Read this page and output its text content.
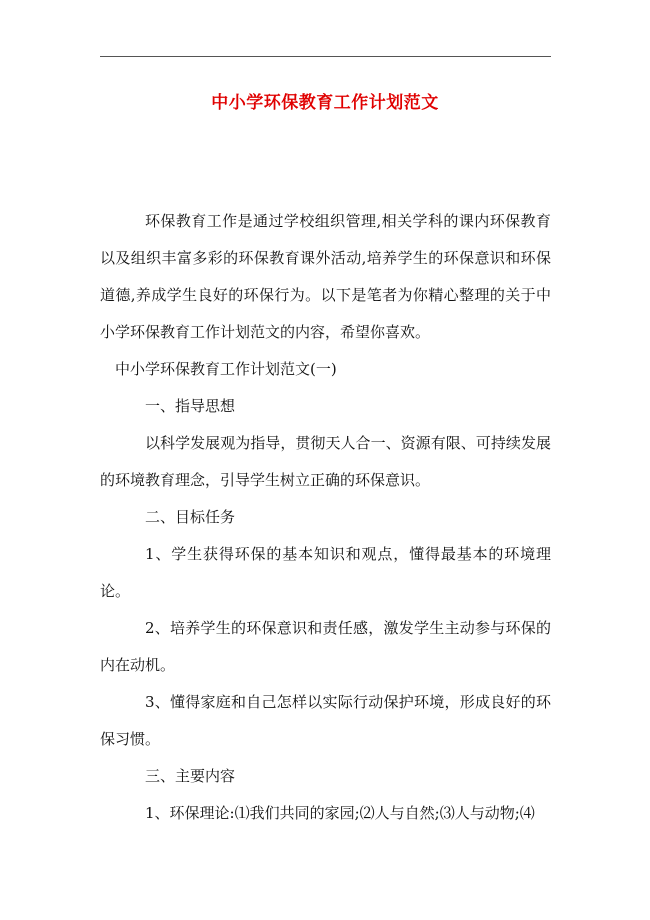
中小学环保教育工作计划范文

环保教育工作是通过学校组织管理,相关学科的课内环保教育以及组织丰富多彩的环保教育课外活动,培养学生的环保意识和环保道德,养成学生良好的环保行为。以下是笔者为你精心整理的关于中小学环保教育工作计划范文的内容，希望你喜欢。

中小学环保教育工作计划范文(一)

一、指导思想

以科学发展观为指导，贯彻天人合一、资源有限、可持续发展的环境教育理念，引导学生树立正确的环保意识。

二、目标任务

1、学生获得环保的基本知识和观点，懂得最基本的环境理论。

2、培养学生的环保意识和责任感，激发学生主动参与环保的内在动机。

3、懂得家庭和自己怎样以实际行动保护环境，形成良好的环保习惯。

三、主要内容

1、环保理论:⑴我们共同的家园;⑵人与自然;⑶人与动物;⑷
